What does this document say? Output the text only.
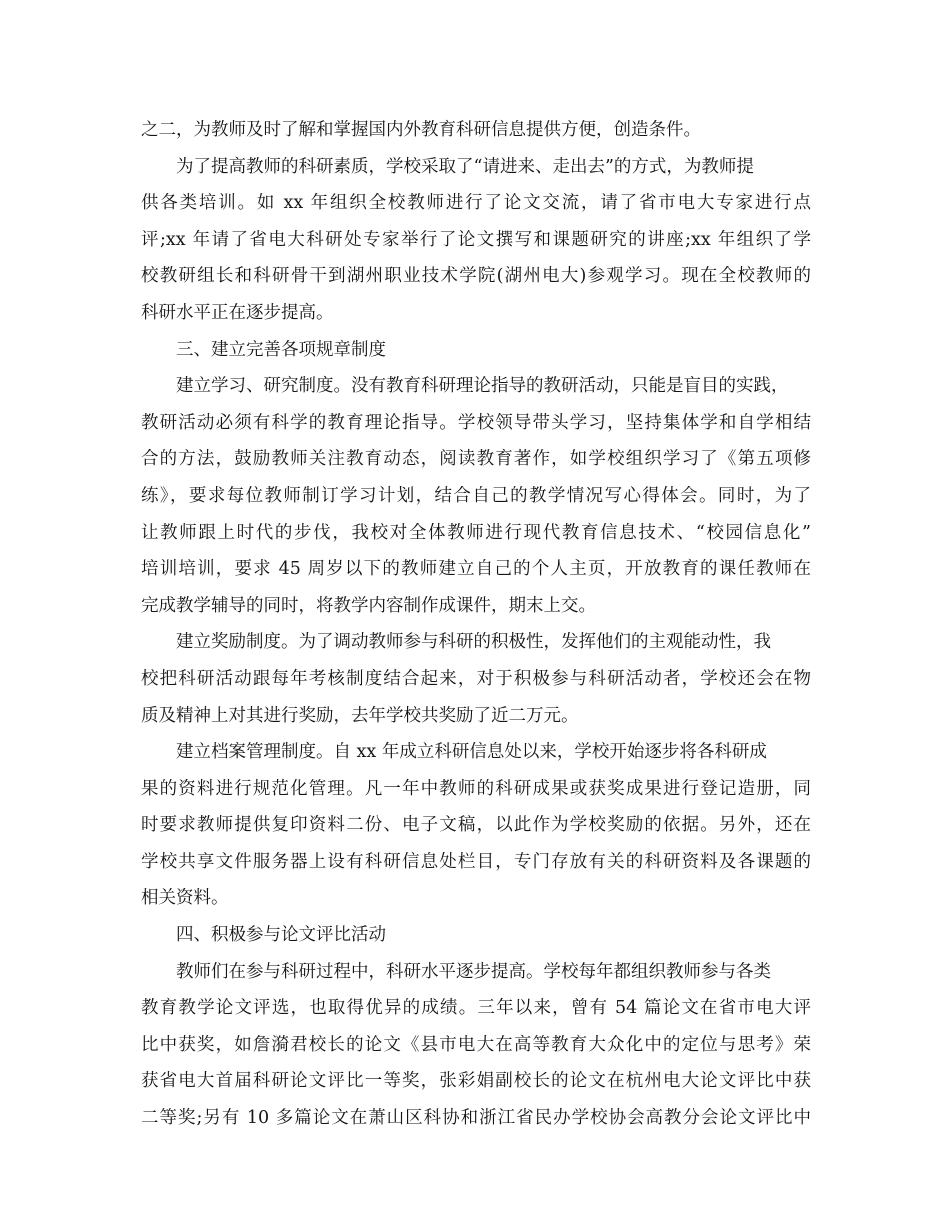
之二，为教师及时了解和掌握国内外教育科研信息提供方便，创造条件。
为了提高教师的科研素质，学校采取了“请进来、走出去”的方式，为教师提
供各类培训。如 xx 年组织全校教师进行了论文交流，请了省市电大专家进行点
评;xx 年请了省电大科研处专家举行了论文撰写和课题研究的讲座;xx 年组织了学
校教研组长和科研骨干到湖州职业技术学院(湖州电大)参观学习。现在全校教师的
科研水平正在逐步提高。
三、建立完善各项规章制度
建立学习、研究制度。没有教育科研理论指导的教研活动，只能是盲目的实践，
教研活动必须有科学的教育理论指导。学校领导带头学习，坚持集体学和自学相结
合的方法，鼓励教师关注教育动态，阅读教育著作，如学校组织学习了《第五项修
练》，要求每位教师制订学习计划，结合自己的教学情况写心得体会。同时，为了
让教师跟上时代的步伐，我校对全体教师进行现代教育信息技术、“校园信息化”
培训培训，要求 45 周岁以下的教师建立自己的个人主页，开放教育的课任教师在
完成教学辅导的同时，将教学内容制作成课件，期末上交。
建立奖励制度。为了调动教师参与科研的积极性，发挥他们的主观能动性，我
校把科研活动跟每年考核制度结合起来，对于积极参与科研活动者，学校还会在物
质及精神上对其进行奖励，去年学校共奖励了近二万元。
建立档案管理制度。自 xx 年成立科研信息处以来，学校开始逐步将各科研成
果的资料进行规范化管理。凡一年中教师的科研成果或获奖成果进行登记造册，同
时要求教师提供复印资料二份、电子文稿，以此作为学校奖励的依据。另外，还在
学校共享文件服务器上设有科研信息处栏目，专门存放有关的科研资料及各课题的
相关资料。
四、积极参与论文评比活动
教师们在参与科研过程中，科研水平逐步提高。学校每年都组织教师参与各类
教育教学论文评选，也取得优异的成绩。三年以来，曾有 54 篇论文在省市电大评
比中获奖，如詹漪君校长的论文《县市电大在高等教育大众化中的定位与思考》荣
获省电大首届科研论文评比一等奖，张彩娟副校长的论文在杭州电大论文评比中获
二等奖;另有 10 多篇论文在萧山区科协和浙江省民办学校协会高教分会论文评比中
